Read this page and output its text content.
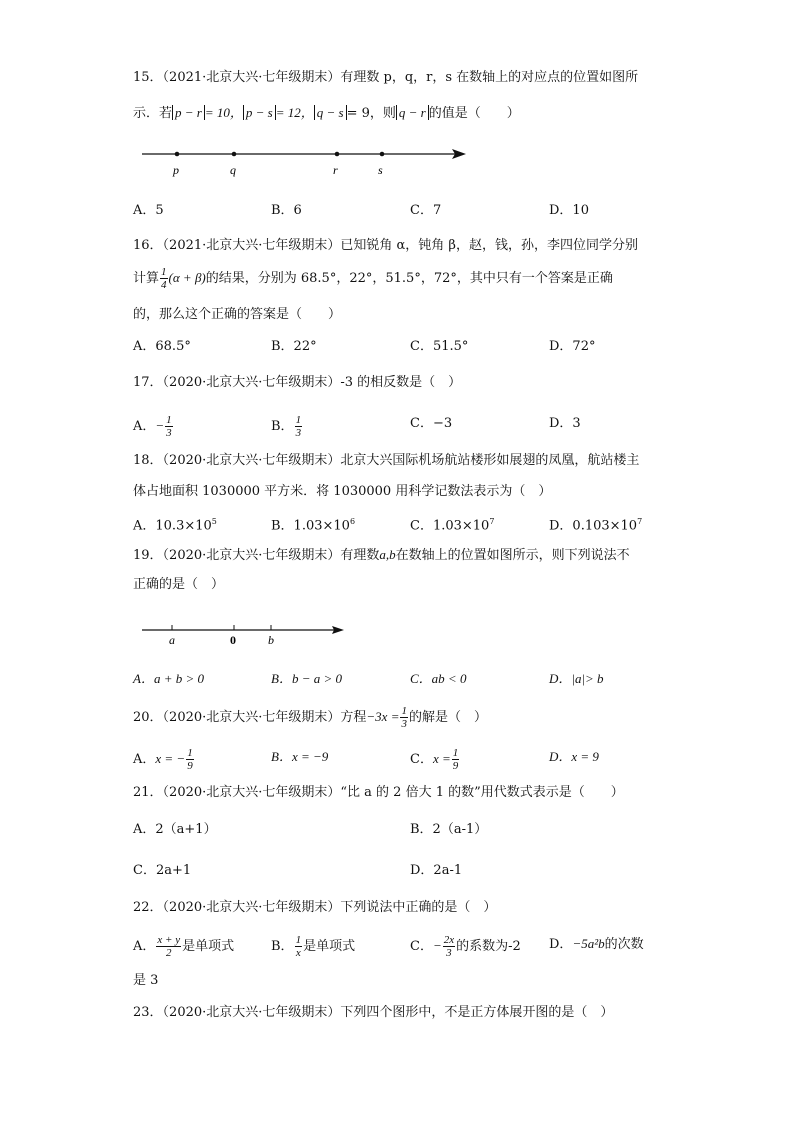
15．（2021·北京大兴·七年级期末）有理数 p，q，r，s 在数轴上的对应点的位置如图所
示．若 p − r = 10， p − s = 12， q − s = 9，则 q − r 的值是（　　）
p	q	r	s
A．5	B．6	C．7	D．10
16．（2021·北京大兴·七年级期末）已知锐角 α，钝角 β，赵，钱，孙，李四位同学分别
计算 $\frac{1}{4} (\alpha + \beta)$的结果，分别为 68.5°，22°，51.5°，72°，其中只有一个答案是正确
的，那么这个正确的答案是（　　）
A．68.5°	B．22°	C．51.5°	D．72°
17．（2020·北京大兴·七年级期末）-3 的相反数是（　）
A．− $\frac{1}{3}$	B． $\frac{1}{3}$	C．−3	D．3
18．（2020·北京大兴·七年级期末）北京大兴国际机场航站楼形如展翅的凤凰，航站楼主
体占地面积 1030000 平方米．将 1030000 用科学记数法表示为（　）
A．$10.3\times 10^5$	B．$1.03\times 10^6$	C．$1.03\times 10^7$	D．$0.103\times 10^7$
19．（2020·北京大兴·七年级期末）有理数a,b在数轴上的位置如图所示，则下列说法不
正确的是（　）
a	0	b
A．a + b > 0	B．b − a > 0	C．ab < 0	D．|a|> b
20．（2020·北京大兴·七年级期末）方程$-3x = \frac{1}{3}$ 的解是（　）
A．x = − $\frac{1}{9}$	B．x = −9	C．$x = \frac{1}{9}$	D．x = 9
21．（2020·北京大兴·七年级期末）“比 a 的 2 倍大 1 的数”用代数式表示是（　　）
A．2（a+1）	B．2（a-1）
C．2a+1	D．2a-1
22．（2020·北京大兴·七年级期末）下列说法中正确的是（　）
A． $\frac{x + y}{2}$ 是单项式	B． $\frac{1}{x}$ 是单项式	C．− $\frac{2x}{3}$ 的系数为-2 D．−5a²b的次数
是 3
23．（2020·北京大兴·七年级期末）下列四个图形中，不是正方体展开图的是（　）
